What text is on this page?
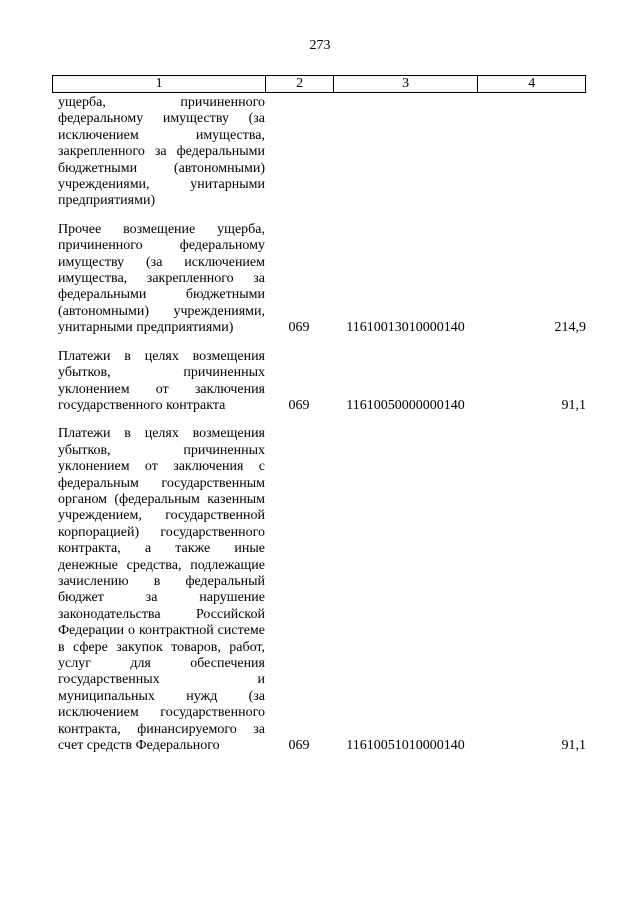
273
1	2	3	4
ущерба, причиненного федеральному имуществу (за исключением имущества, закрепленного за федеральными бюджетными (автономными) учреждениями, унитарными предприятиями)
Прочее возмещение ущерба, причиненного федеральному имуществу (за исключением имущества, закрепленного за федеральными бюджетными (автономными) учреждениями, унитарными предприятиями)	069	11610013010000140	214,9
Платежи в целях возмещения убытков, причиненных уклонением от заключения государственного контракта	069	11610050000000140	91,1
Платежи в целях возмещения убытков, причиненных уклонением от заключения с федеральным государственным органом (федеральным казенным учреждением, государственной корпорацией) государственного контракта, а также иные денежные средства, подлежащие зачислению в федеральный бюджет за нарушение законодательства Российской Федерации о контрактной системе в сфере закупок товаров, работ, услуг для обеспечения государственных и муниципальных нужд (за исключением государственного контракта, финансируемого за счет средств Федерального	069	11610051010000140	91,1
